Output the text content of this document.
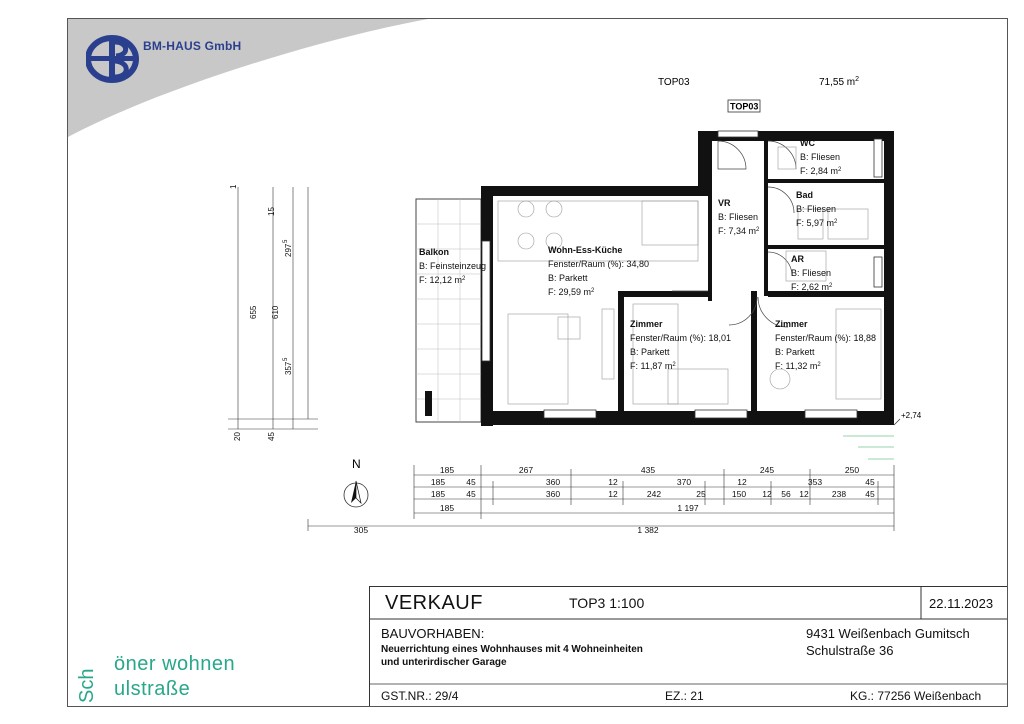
BM-HAUS GmbH
TOP03	71,55 $m^2$
TOP03
WC
B: Fliesen
F: 2,84 $m^2$
Bad
B: Fliesen
F: 5,97 $m^2$
VR
B: Fliesen
F: 7,34 $m^2$
AR
B: Fliesen
F: 2,62 $m^2$
Balkon
B: Feinsteinzeug
F: 12,12 $m^2$
Wohn-Ess-Küche
Fenster/Raum (%): 34,80
B: Parkett
F: 29,59 $m^2$
Zimmer
Fenster/Raum (%): 18,01
B: Parkett
F: 11,87 $m^2$
Zimmer
Fenster/Raum (%): 18,88
B: Parkett
F: 11,32 $m^2$
+2,74
1
655 610
297
5
15
357
5
20	45
N	185	267	435	245	250
185 45	360	12	370	12	353	45
185 45	360	12	242	25	150 12 56 12	238 45
185	1 197
305	1 382
VERKAUF	TOP3 1:100	22.11.2023
BAUVORHABEN:
Neuerrichtung eines Wohnhauses mit 4 Wohneinheiten
und unterirdischer Garage
9431 Weißenbach Gumitsch
Schulstraße 36
GST.NR.: 29/4	EZ.: 21	KG.: 77256 Weißenbach
Sch
öner wohnen
ulstraße
